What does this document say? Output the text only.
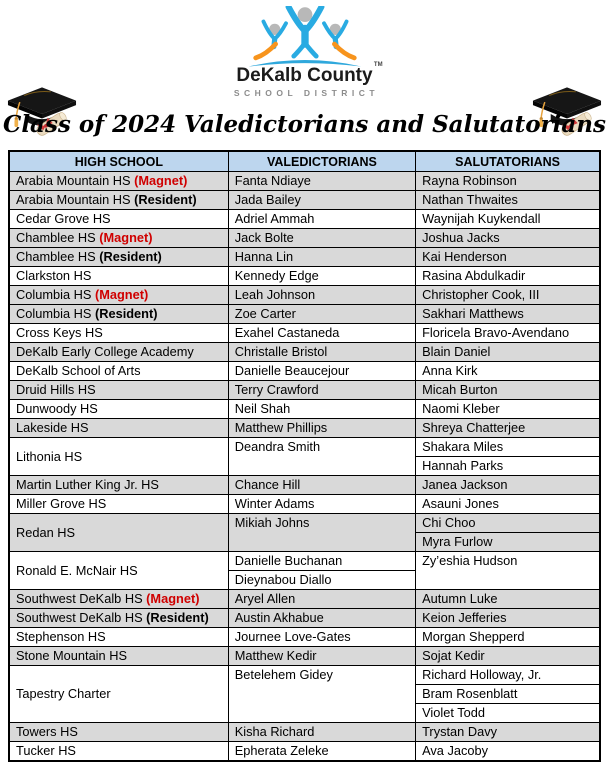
DeKalb County TM
SCHOOL DISTRICT
Class of 2024 Valedictorians and Salutatorians
HIGH SCHOOL	VALEDICTORIANS	SALUTATORIANS
Arabia Mountain HS (Magnet)	Fanta Ndiaye	Rayna Robinson
Arabia Mountain HS (Resident)	Jada Bailey	Nathan Thwaites
Cedar Grove HS	Adriel Ammah	Waynijah Kuykendall
Chamblee HS (Magnet)	Jack Bolte	Joshua Jacks
Chamblee HS (Resident)	Hanna Lin	Kai Henderson
Clarkston HS	Kennedy Edge	Rasina Abdulkadir
Columbia HS (Magnet)	Leah Johnson	Christopher Cook, III
Columbia HS (Resident)	Zoe Carter	Sakhari Matthews
Cross Keys HS	Exahel Castaneda	Floricela Bravo-Avendano
DeKalb Early College Academy	Christalle Bristol	Blain Daniel
DeKalb School of Arts	Danielle Beaucejour	Anna Kirk
Druid Hills HS	Terry Crawford	Micah Burton
Dunwoody HS	Neil Shah	Naomi Kleber
Lakeside HS	Matthew Phillips	Shreya Chatterjee
Lithonia HS	Deandra Smith	Shakara Miles
		Hannah Parks
Martin Luther King Jr. HS	Chance Hill	Janea Jackson
Miller Grove HS	Winter Adams	Asauni Jones
Redan HS	Mikiah Johns	Chi Choo
		Myra Furlow
Ronald E. McNair HS	Danielle Buchanan	Zy’eshia Hudson
	Dieynabou Diallo	
Southwest DeKalb HS (Magnet)	Aryel Allen	Autumn Luke
Southwest DeKalb HS (Resident)	Austin Akhabue	Keion Jefferies
Stephenson HS	Journee Love-Gates	Morgan Shepperd
Stone Mountain HS	Matthew Kedir	Sojat Kedir
Tapestry Charter	Betelehem Gidey	Richard Holloway, Jr.
		Bram Rosenblatt
		Violet Todd
Towers HS	Kisha Richard	Trystan Davy
Tucker HS	Epherata Zeleke	Ava Jacoby
